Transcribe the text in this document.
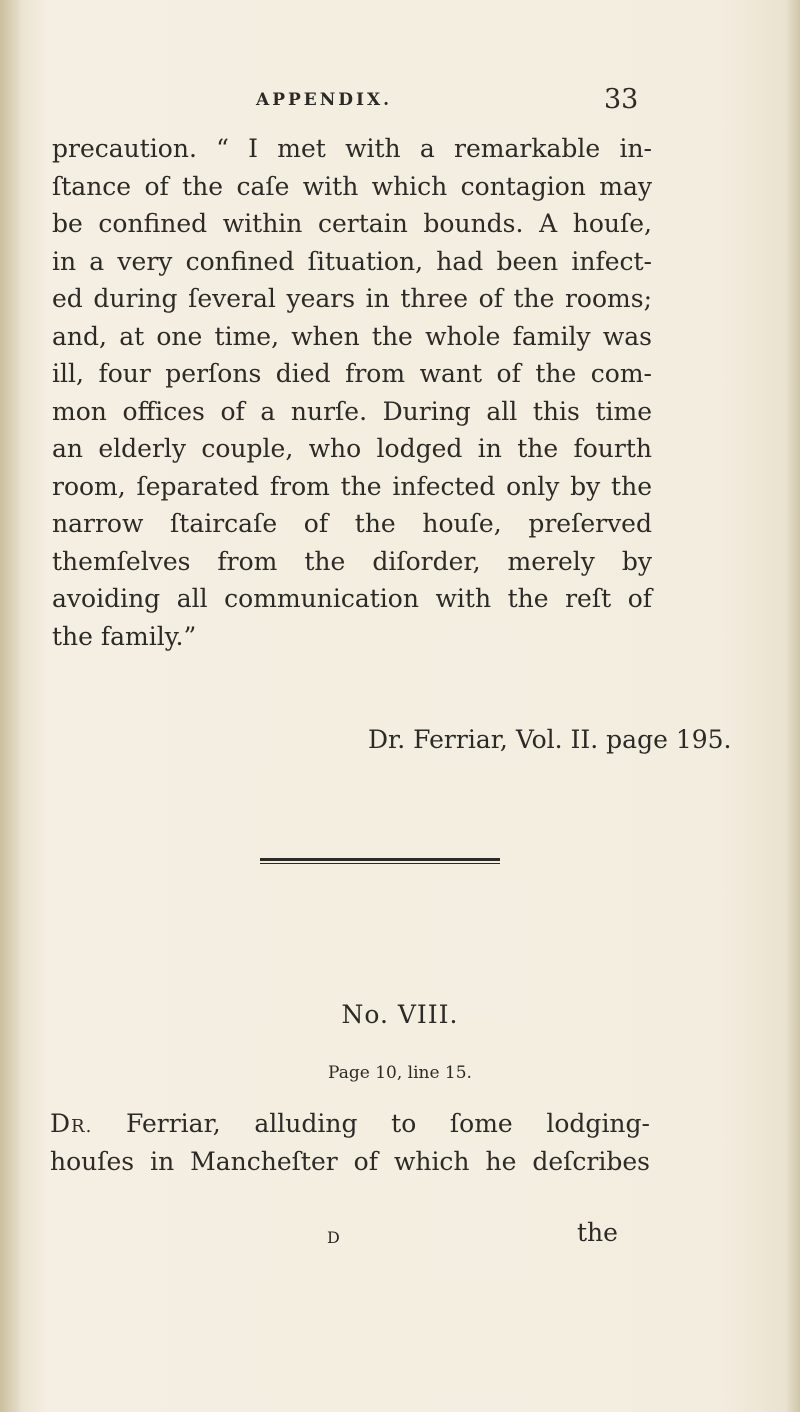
APPENDIX.	33
precaution. “ I met with a remarkable in-
ſtance of the caſe with which contagion may
be confined within certain bounds. A houſe,
in a very confined ſituation, had been infect-
ed during ſeveral years in three of the rooms;
and, at one time, when the whole family was
ill, four perſons died from want of the com-
mon offices of a nurſe. During all this time
an elderly couple, who lodged in the fourth
room, ſeparated from the infected only by the
narrow ſtaircaſe of the houſe, preſerved
themſelves from the diſorder, merely by
avoiding all communication with the reſt of
the family.”
Dr. Ferriar, Vol. II. page 195.
No. VIII.
Page 10, line 15.
DR. Ferriar, alluding to ſome lodging-
houſes in Mancheſter of which he deſcribes
D	the
